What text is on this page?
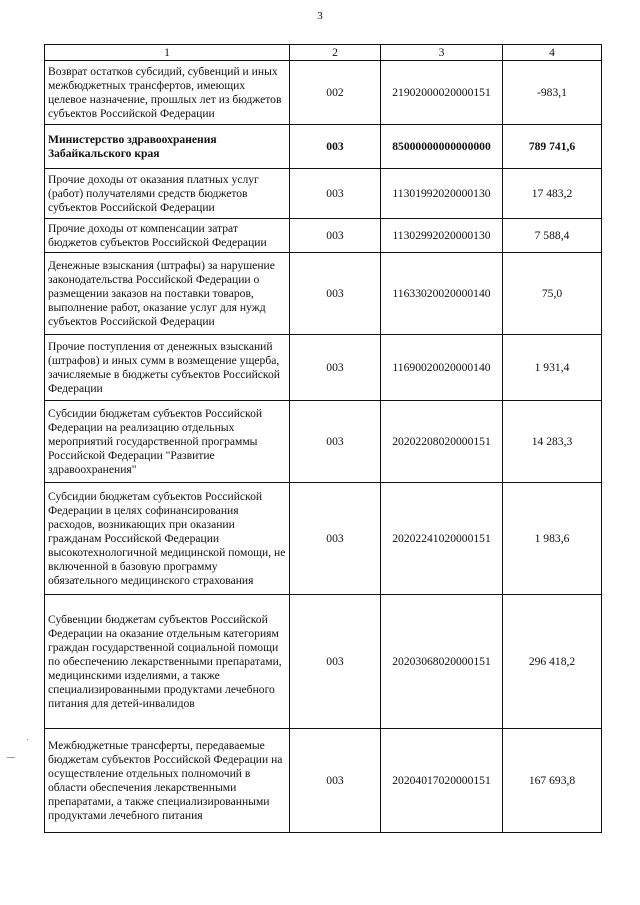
3
1	2	3	4
Возврат остатков субсидий, субвенций и иных межбюджетных трансфертов, имеющих целевое назначение, прошлых лет из бюджетов субъектов Российской Федерации	002	21902000020000151	-983,1
Министерство здравоохранения Забайкальского края	003	85000000000000000	789 741,6
Прочие доходы от оказания платных услуг (работ) получателями средств бюджетов субъектов Российской Федерации	003	11301992020000130	17 483,2
Прочие доходы от компенсации затрат бюджетов субъектов Российской Федерации	003	11302992020000130	7 588,4
Денежные взыскания (штрафы) за нарушение законодательства Российской Федерации о размещении заказов на поставки товаров, выполнение работ, оказание услуг для нужд субъектов Российской Федерации	003	11633020020000140	75,0
Прочие поступления от денежных взысканий (штрафов) и иных сумм в возмещение ущерба, зачисляемые в бюджеты субъектов Российской Федерации	003	11690020020000140	1 931,4
Субсидии бюджетам субъектов Российской Федерации на реализацию отдельных мероприятий государственной программы Российской Федерации "Развитие здравоохранения"	003	20202208020000151	14 283,3
Субсидии бюджетам субъектов Российской Федерации в целях софинансирования расходов, возникающих при оказании гражданам Российской Федерации высокотехнологичной медицинской помощи, не включенной в базовую программу обязательного медицинского страхования	003	20202241020000151	1 983,6
Субвенции бюджетам субъектов Российской Федерации на оказание отдельным категориям граждан государственной социальной помощи по обеспечению лекарственными препаратами, медицинскими изделиями, а также специализированными продуктами лечебного питания для детей-инвалидов	003	20203068020000151	296 418,2
Межбюджетные трансферты, передаваемые бюджетам субъектов Российской Федерации на осуществление отдельных полномочий в области обеспечения лекарственными препаратами, а также специализированными продуктами лечебного питания	003	20204017020000151	167 693,8
